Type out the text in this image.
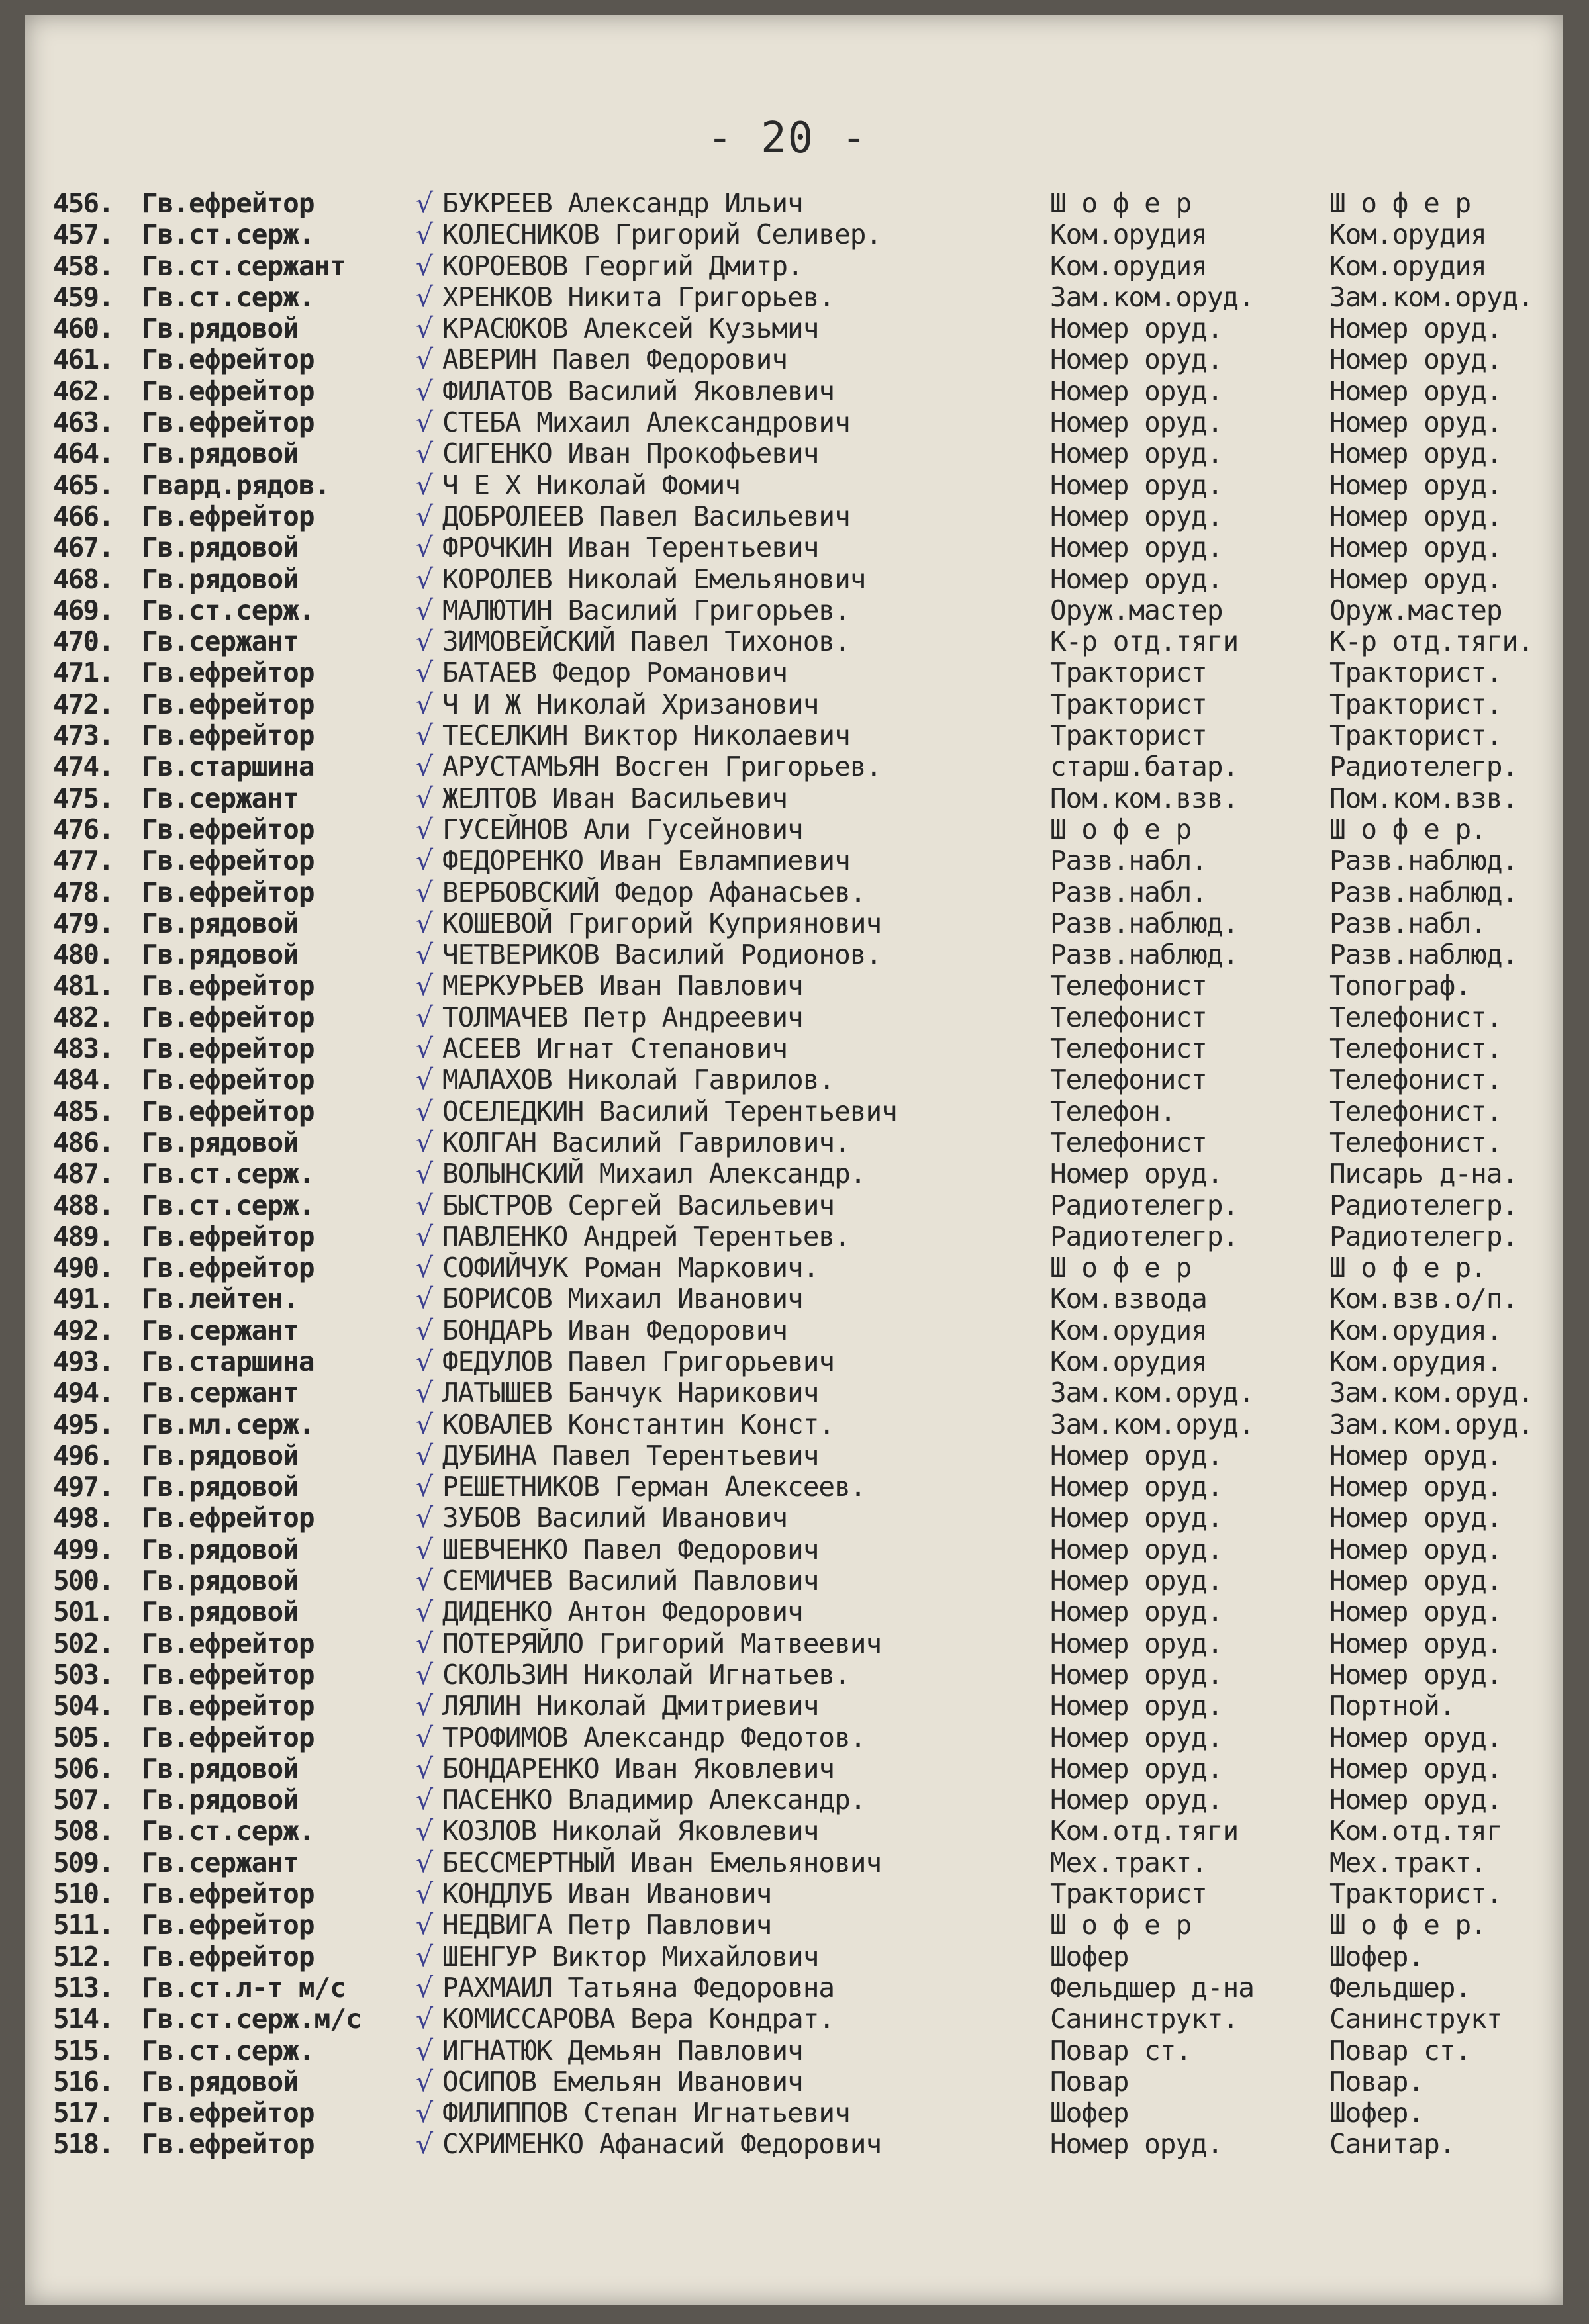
- 20 -
456.	Гв.ефрейтор	√ БУКРЕЕВ Александр Ильич	Ш о ф е р	Ш о ф е р
457.	Гв.ст.серж.	√ КОЛЕСНИКОВ Григорий Селивер.	Ком.орудия	Ком.орудия
458.	Гв.ст.сержант	√ КОРОЕВОВ Георгий Дмитр.	Ком.орудия	Ком.орудия
459.	Гв.ст.серж.	√ ХРЕНКОВ Никита Григорьев.	Зам.ком.оруд.	Зам.ком.оруд.
460.	Гв.рядовой	√ КРАСЮКОВ Алексей Кузьмич	Номер оруд.	Номер оруд.
461.	Гв.ефрейтор	√ АВЕРИН Павел Федорович	Номер оруд.	Номер оруд.
462.	Гв.ефрейтор	√ ФИЛАТОВ Василий Яковлевич	Номер оруд.	Номер оруд.
463.	Гв.ефрейтор	√ СТЕБА Михаил Александрович	Номер оруд.	Номер оруд.
464.	Гв.рядовой	√ СИГЕНКО Иван Прокофьевич	Номер оруд.	Номер оруд.
465.	Гвард.рядов.	√ Ч Е Х Николай Фомич	Номер оруд.	Номер оруд.
466.	Гв.ефрейтор	√ ДОБРОЛЕЕВ Павел Васильевич	Номер оруд.	Номер оруд.
467.	Гв.рядовой	√ ФРОЧКИН Иван Терентьевич	Номер оруд.	Номер оруд.
468.	Гв.рядовой	√ КОРОЛЕВ Николай Емельянович	Номер оруд.	Номер оруд.
469.	Гв.ст.серж.	√ МАЛЮТИН Василий Григорьев.	Оруж.мастер	Оруж.мастер
470.	Гв.сержант	√ ЗИМОВЕЙСКИЙ Павел Тихонов.	К-р отд.тяги	К-р отд.тяги.
471.	Гв.ефрейтор	√ БАТАЕВ Федор Романович	Тракторист	Тракторист.
472.	Гв.ефрейтор	√ Ч И Ж Николай Хризанович	Тракторист	Тракторист.
473.	Гв.ефрейтор	√ ТЕСЕЛКИН Виктор Николаевич	Тракторист	Тракторист.
474.	Гв.старшина	√ АРУСТАМЬЯН Восген Григорьев.	старш.батар.	Радиотелегр.
475.	Гв.сержант	√ ЖЕЛТОВ Иван Васильевич	Пом.ком.взв.	Пом.ком.взв.
476.	Гв.ефрейтор	√ ГУСЕЙНОВ Али Гусейнович	Ш о ф е р	Ш о ф е р.
477.	Гв.ефрейтор	√ ФЕДОРЕНКО Иван Евлампиевич	Разв.набл.	Разв.наблюд.
478.	Гв.ефрейтор	√ ВЕРБОВСКИЙ Федор Афанасьев.	Разв.набл.	Разв.наблюд.
479.	Гв.рядовой	√ КОШЕВОЙ Григорий Куприянович	Разв.наблюд.	Разв.набл.
480.	Гв.рядовой	√ ЧЕТВЕРИКОВ Василий Родионов.	Разв.наблюд.	Разв.наблюд.
481.	Гв.ефрейтор	√ МЕРКУРЬЕВ Иван Павлович	Телефонист	Топограф.
482.	Гв.ефрейтор	√ ТОЛМАЧЕВ Петр Андреевич	Телефонист	Телефонист.
483.	Гв.ефрейтор	√ АСЕЕВ Игнат Степанович	Телефонист	Телефонист.
484.	Гв.ефрейтор	√ МАЛАХОВ Николай Гаврилов.	Телефонист	Телефонист.
485.	Гв.ефрейтор	√ ОСЕЛЕДКИН Василий Терентьевич	Телефон.	Телефонист.
486.	Гв.рядовой	√ КОЛГАН Василий Гаврилович.	Телефонист	Телефонист.
487.	Гв.ст.серж.	√ ВОЛЫНСКИЙ Михаил Александр.	Номер оруд.	Писарь д-на.
488.	Гв.ст.серж.	√ БЫСТРОВ Сергей Васильевич	Радиотелегр.	Радиотелегр.
489.	Гв.ефрейтор	√ ПАВЛЕНКО Андрей Терентьев.	Радиотелегр.	Радиотелегр.
490.	Гв.ефрейтор	√ СОФИЙЧУК Роман Маркович.	Ш о ф е р	Ш о ф е р.
491.	Гв.лейтен.	√ БОРИСОВ Михаил Иванович	Ком.взвода	Ком.взв.о/п.
492.	Гв.сержант	√ БОНДАРЬ Иван Федорович	Ком.орудия	Ком.орудия.
493.	Гв.старшина	√ ФЕДУЛОВ Павел Григорьевич	Ком.орудия	Ком.орудия.
494.	Гв.сержант	√ ЛАТЫШЕВ Банчук Нарикович	Зам.ком.оруд.	Зам.ком.оруд.
495.	Гв.мл.серж.	√ КОВАЛЕВ Константин Конст.	Зам.ком.оруд.	Зам.ком.оруд.
496.	Гв.рядовой	√ ДУБИНА Павел Терентьевич	Номер оруд.	Номер оруд.
497.	Гв.рядовой	√ РЕШЕТНИКОВ Герман Алексеев.	Номер оруд.	Номер оруд.
498.	Гв.ефрейтор	√ ЗУБОВ Василий Иванович	Номер оруд.	Номер оруд.
499.	Гв.рядовой	√ ШЕВЧЕНКО Павел Федорович	Номер оруд.	Номер оруд.
500.	Гв.рядовой	√ СЕМИЧЕВ Василий Павлович	Номер оруд.	Номер оруд.
501.	Гв.рядовой	√ ДИДЕНКО Антон Федорович	Номер оруд.	Номер оруд.
502.	Гв.ефрейтор	√ ПОТЕРЯЙЛО Григорий Матвеевич	Номер оруд.	Номер оруд.
503.	Гв.ефрейтор	√ СКОЛЬЗИН Николай Игнатьев.	Номер оруд.	Номер оруд.
504.	Гв.ефрейтор	√ ЛЯЛИН Николай Дмитриевич	Номер оруд.	Портной.
505.	Гв.ефрейтор	√ ТРОФИМОВ Александр Федотов.	Номер оруд.	Номер оруд.
506.	Гв.рядовой	√ БОНДАРЕНКО Иван Яковлевич	Номер оруд.	Номер оруд.
507.	Гв.рядовой	√ ПАСЕНКО Владимир Александр.	Номер оруд.	Номер оруд.
508.	Гв.ст.серж.	√ КОЗЛОВ Николай Яковлевич	Ком.отд.тяги	Ком.отд.тяг
509.	Гв.сержант	√ БЕССМЕРТНЫЙ Иван Емельянович	Мех.тракт.	Мех.тракт.
510.	Гв.ефрейтор	√ КОНДЛУБ Иван Иванович	Тракторист	Тракторист.
511.	Гв.ефрейтор	√ НЕДВИГА Петр Павлович	Ш о ф е р	Ш о ф е р.
512.	Гв.ефрейтор	√ ШЕНГУР Виктор Михайлович	Шофер	Шофер.
513.	Гв.ст.л-т м/с	√ РАХМАИЛ Татьяна Федоровна	Фельдшер д-на	Фельдшер.
514.	Гв.ст.серж.м/с	√ КОМИССАРОВА Вера Кондрат.	Санинструкт.	Санинструкт
515.	Гв.ст.серж.	√ ИГНАТЮК Демьян Павлович	Повар ст.	Повар ст.
516.	Гв.рядовой	√ ОСИПОВ Емельян Иванович	Повар	Повар.
517.	Гв.ефрейтор	√ ФИЛИППОВ Степан Игнатьевич	Шофер	Шофер.
518.	Гв.ефрейтор	√ СХРИМЕНКО Афанасий Федорович	Номер оруд.	Санитар.
